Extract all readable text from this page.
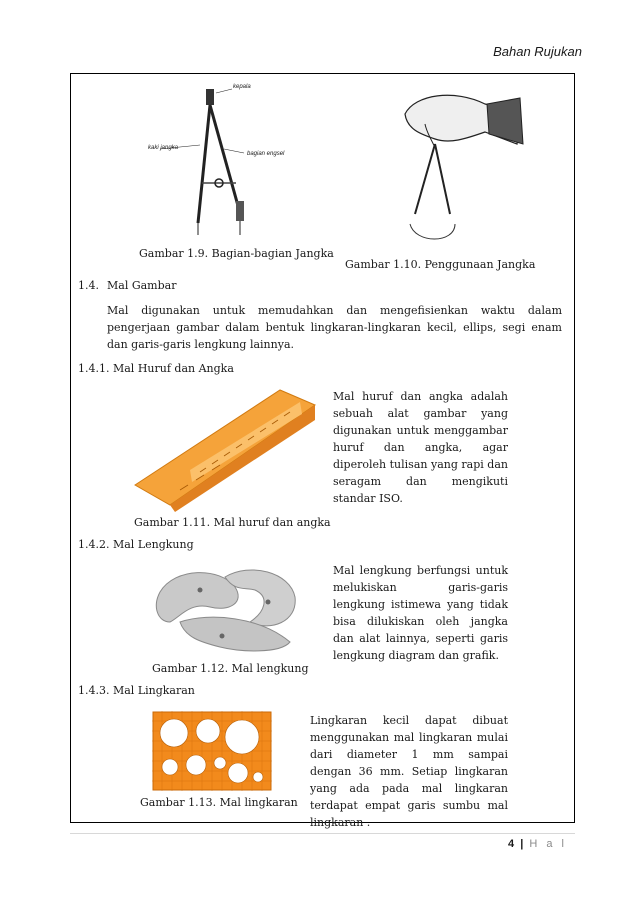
Bahan Rujukan
kepala
kaki jangka
bagian engsel
Gambar 1.9. Bagian-bagian Jangka
Gambar 1.10. Penggunaan Jangka
1.4. Mal Gambar
Mal digunakan untuk memudahkan dan mengefisienkan waktu dalam pengerjaan gambar dalam bentuk lingkaran-lingkaran kecil, ellips, segi enam dan garis-garis lengkung lainnya.
1.4.1. Mal Huruf dan Angka
Mal huruf dan angka adalah sebuah alat gambar yang digunakan untuk menggambar huruf dan angka, agar diperoleh tulisan yang rapi dan seragam dan mengikuti standar ISO.
Gambar 1.11. Mal huruf dan angka
1.4.2. Mal Lengkung
Mal lengkung berfungsi untuk melukiskan garis-garis lengkung istimewa yang tidak bisa dilukiskan oleh jangka dan alat lainnya, seperti garis lengkung diagram dan grafik.
Gambar 1.12. Mal lengkung
1.4.3. Mal Lingkaran
Lingkaran kecil dapat dibuat menggunakan mal lingkaran mulai dari diameter 1 mm sampai dengan 36 mm. Setiap lingkaran yang ada pada mal lingkaran terdapat empat garis sumbu mal lingkaran .
Gambar 1.13. Mal lingkaran
4 | H a l
